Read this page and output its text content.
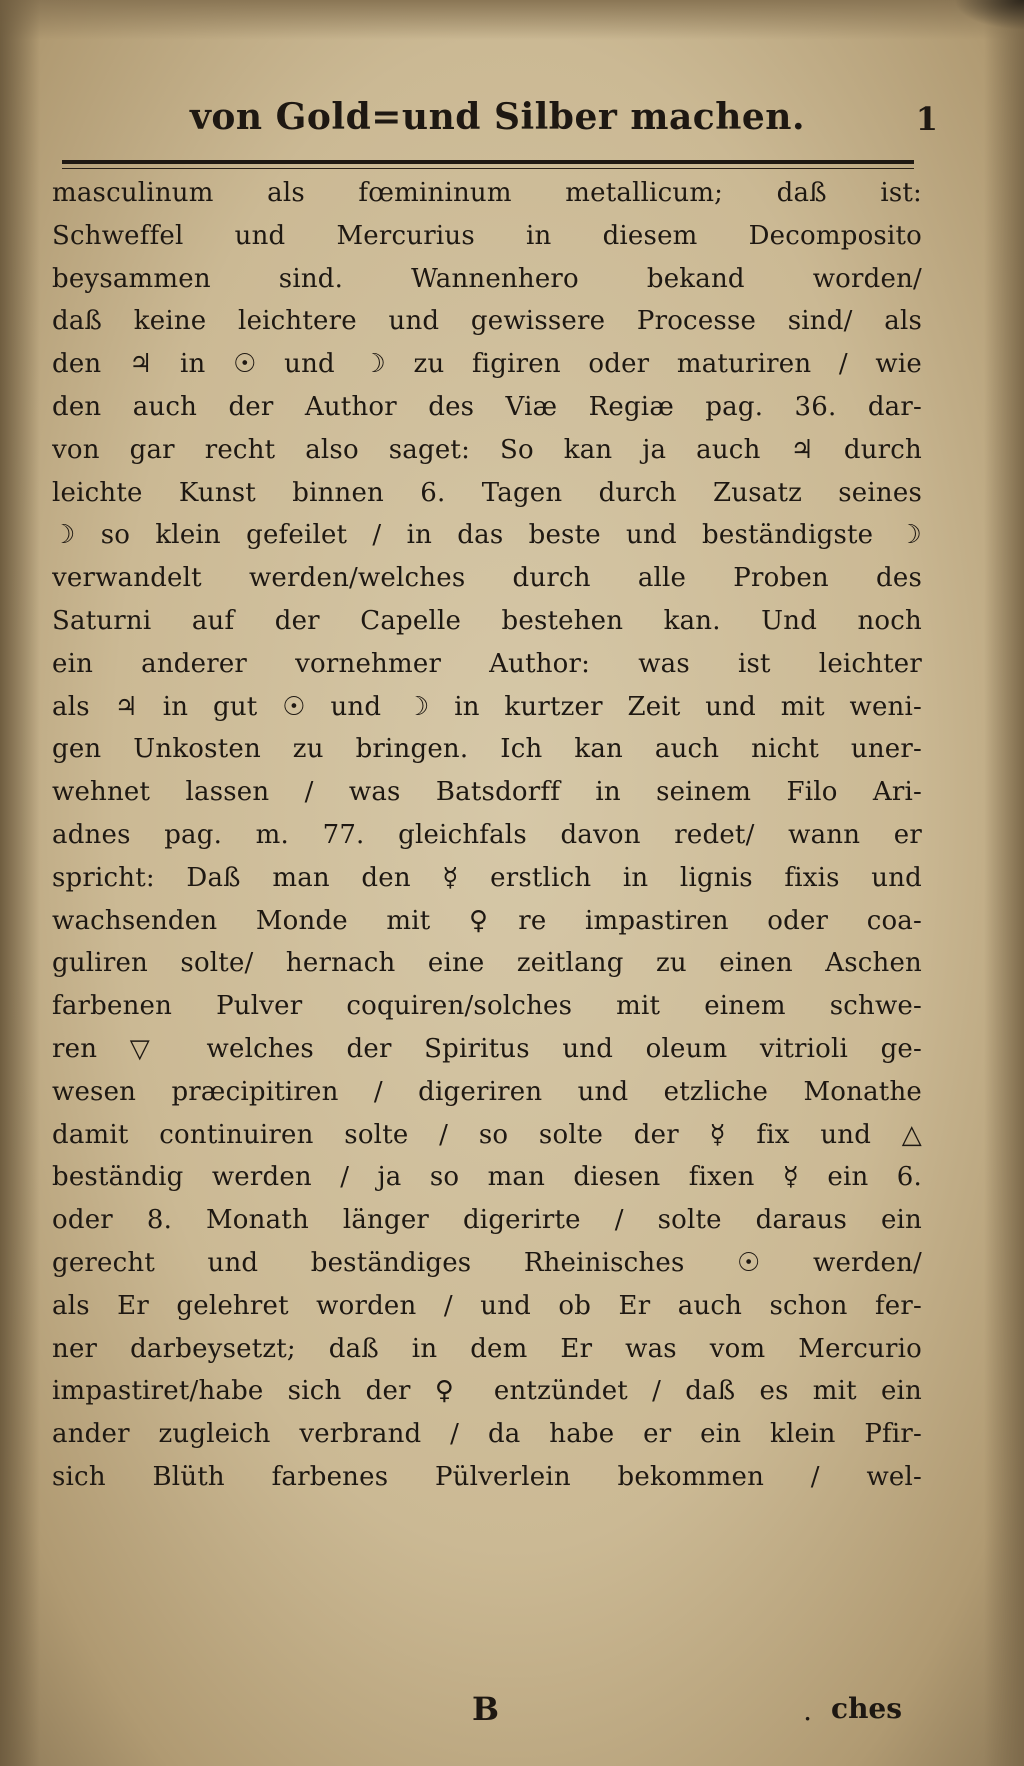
von Gold=und Silber machen.	1
masculinum als fœmininum metallicum; daß ist:
Schweffel und Mercurius in diesem Decomposito
beysammen sind. Wannenhero bekand worden/
daß keine leichtere und gewissere Processe sind/ als
den ♃ in ☉ und ☽ zu figiren oder maturiren / wie
den auch der Author des Viæ Regiæ pag. 36. dar-
von gar recht also saget: So kan ja auch ♃ durch
leichte Kunst binnen 6. Tagen durch Zusatz seines
☽ so klein gefeilet / in das beste und beständigste ☽
verwandelt werden/welches durch alle Proben des
Saturni auf der Capelle bestehen kan. Und noch
ein anderer vornehmer Author: was ist leichter
als ♃ in gut ☉ und ☽ in kurtzer Zeit und mit weni-
gen Unkosten zu bringen. Ich kan auch nicht uner-
wehnet lassen / was Batsdorff in seinem Filo Ari-
adnes pag. m. 77. gleichfals davon redet/ wann er
spricht: Daß man den ☿ erstlich in lignis fixis und
wachsenden Monde mit ♀re impastiren oder coa-
guliren solte/ hernach eine zeitlang zu einen Aschen
farbenen Pulver coquiren/solches mit einem schwe-
ren ▽ welches der Spiritus und oleum vitrioli ge-
wesen præcipitiren / digeriren und etzliche Monathe
damit continuiren solte / so solte der ☿ fix und △
beständig werden / ja so man diesen fixen ☿ ein 6.
oder 8. Monath länger digerirte / solte daraus ein
gerecht und beständiges Rheinisches ☉ werden/
als Er gelehret worden / und ob Er auch schon fer-
ner darbeysetzt; daß in dem Er was vom Mercurio
impastiret/habe sich der ♀ entzündet / daß es mit ein
ander zugleich verbrand / da habe er ein klein Pfir-
sich Blüth farbenes Pülverlein bekommen / wel-
B	. ches
